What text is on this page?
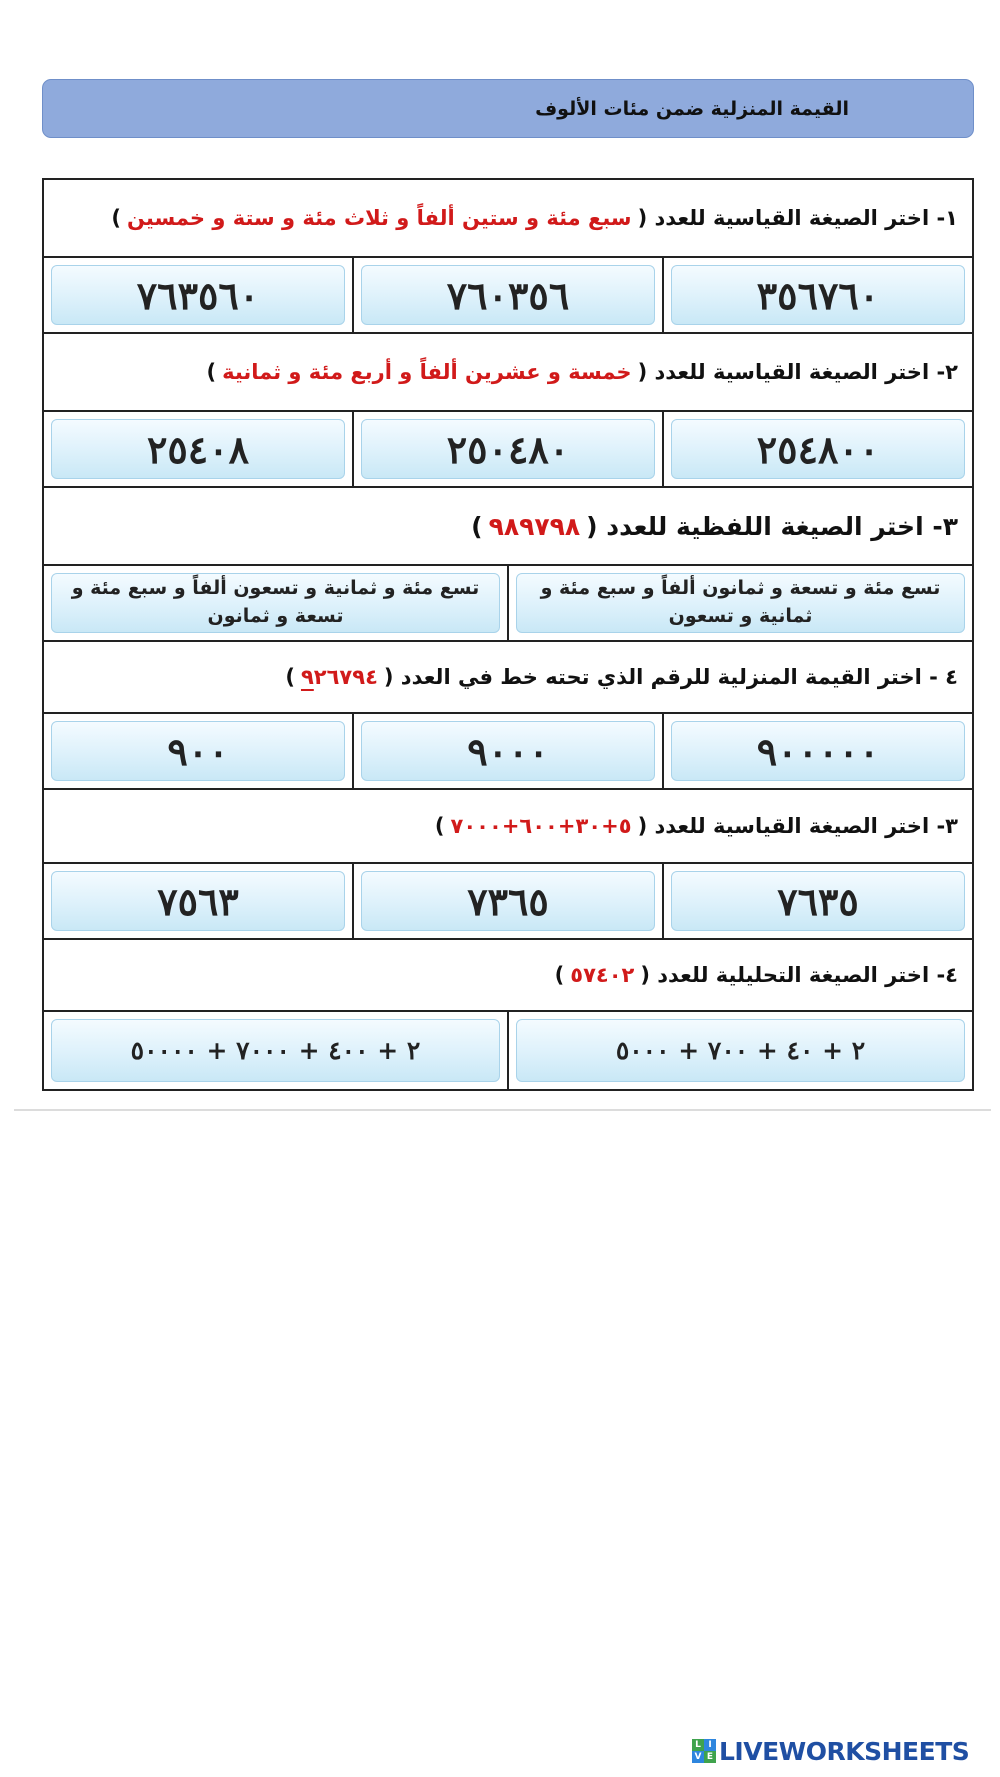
القيمة المنزلية ضمن مئات الألوف
١- اختر الصيغة القياسية للعدد (
سبع مئة و ستين ألفاً و ثلاث مئة و ستة و خمسين
)
٣٥٦٧٦٠
٧٦٠٣٥٦
٧٦٣٥٦٠
٢- اختر الصيغة القياسية للعدد (
خمسة و عشرين ألفاً و أربع مئة و ثمانية
)
٢٥٤٨٠٠
٢٥٠٤٨٠
٢٥٤٠٨
٣- اختر الصيغة اللفظية للعدد (
٩٨٩٧٩٨
)
تسع مئة و تسعة و ثمانون ألفاً و سبع مئة و ثمانية و تسعون
تسع مئة و ثمانية و تسعون ألفاً و سبع مئة و تسعة و ثمانون
٤ - اختر القيمة المنزلية للرقم الذي تحته خط في العدد (
٩٢٦٧٩٤
)
٩٠٠٠٠٠
٩٠٠٠
٩٠٠
٣- اختر الصيغة القياسية للعدد (
٥+٣٠+٦٠٠+٧٠٠٠
)
٧٦٣٥
٧٣٦٥
٧٥٦٣
٤- اختر الصيغة التحليلية للعدد (
٥٧٤٠٢
)
٢ + ٤٠ + ٧٠٠ + ٥٠٠٠
٢ + ٤٠٠ + ٧٠٠٠ + ٥٠٠٠٠
L I
V E LIVEWORKSHEETS
